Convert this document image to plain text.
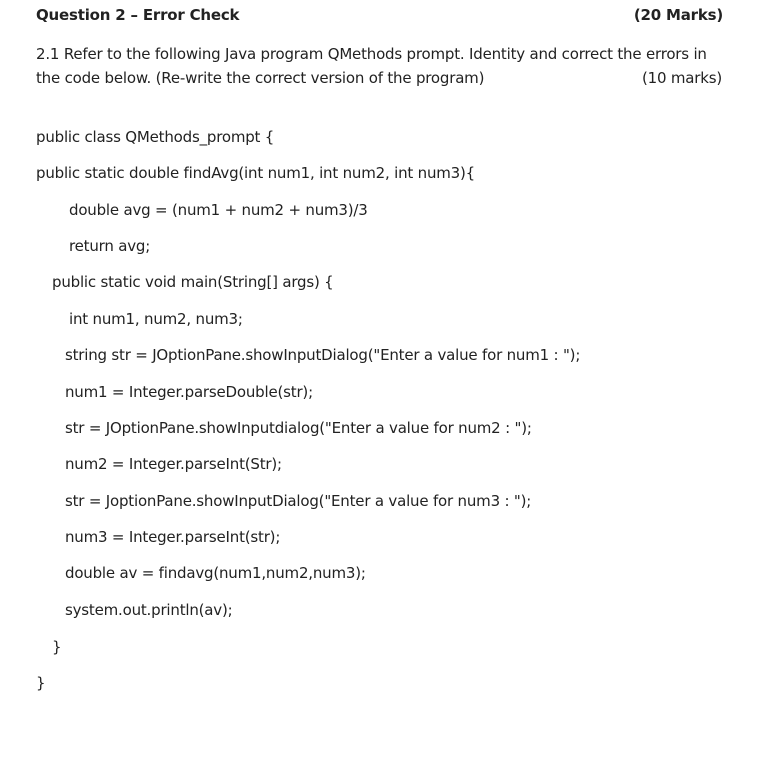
Question 2 – Error Check	(20 Marks)
2.1 Refer to the following Java program QMethods prompt. Identity and correct the errors in
the code below. (Re-write the correct version of the program)	(10 marks)
public class QMethods_prompt {
public static double findAvg(int num1, int num2, int num3){
double avg = (num1 + num2 + num3)/3
return avg;
public static void main(String[] args) {
int num1, num2, num3;
string str = JOptionPane.showInputDialog("Enter a value for num1 : ");
num1 = Integer.parseDouble(str);
str = JOptionPane.showInputdialog("Enter a value for num2 : ");
num2 = Integer.parseInt(Str);
str = JoptionPane.showInputDialog("Enter a value for num3 : ");
num3 = Integer.parseInt(str);
double av = findavg(num1,num2,num3);
system.out.println(av);
}
}
